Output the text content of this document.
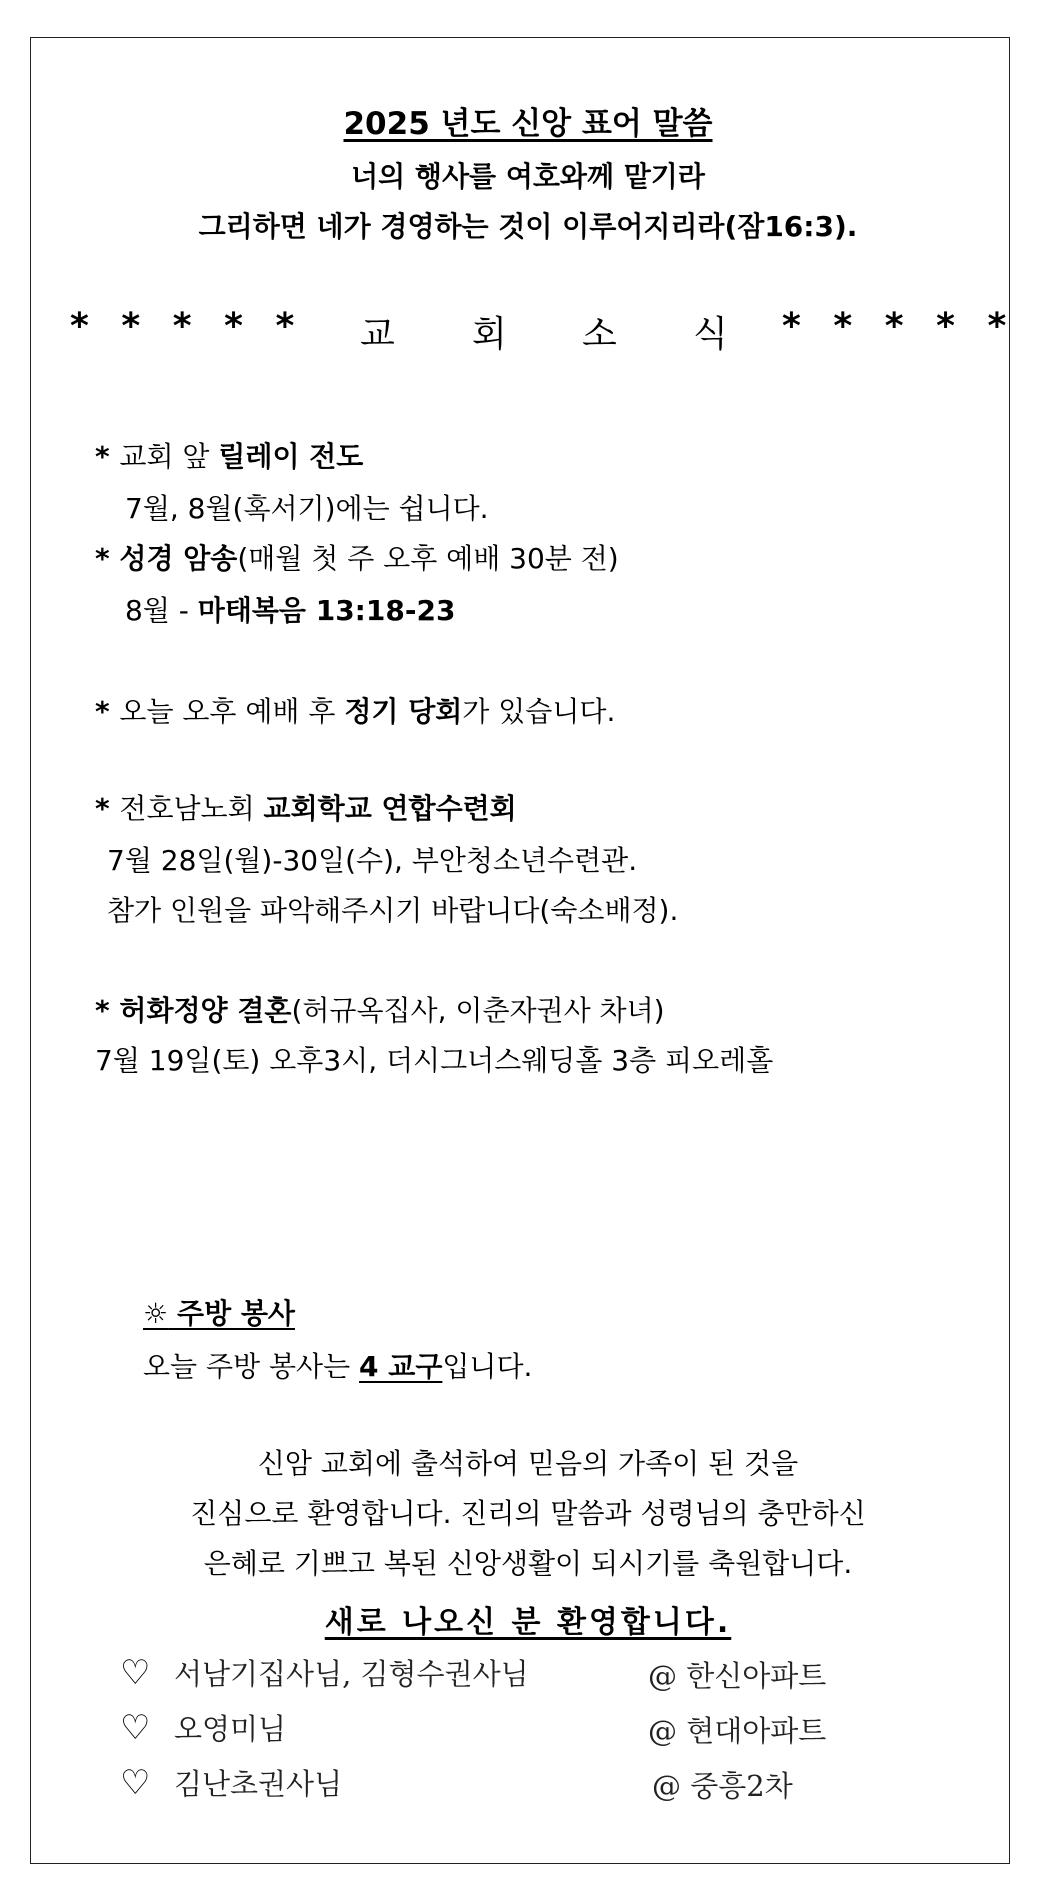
2025 년도 신앙 표어 말씀
너의 행사를 여호와께 맡기라
그리하면 네가 경영하는 것이 이루어지리라(잠16:3).
* * * * * 교 회 소 식 * * * * *
* 교회 앞 릴레이 전도
7월, 8월(혹서기)에는 쉽니다.
* 성경 암송(매월 첫 주 오후 예배 30분 전)
8월 - 마태복음 13:18-23
* 오늘 오후 예배 후 정기 당회가 있습니다.
* 전호남노회 교회학교 연합수련회
7월 28일(월)-30일(수), 부안청소년수련관.
참가 인원을 파악해주시기 바랍니다(숙소배정).
* 허화정양 결혼(허규옥집사, 이춘자권사 차녀)
7월 19일(토) 오후3시, 더시그너스웨딩홀 3층 피오레홀
☼ 주방 봉사
오늘 주방 봉사는 4 교구입니다.
신암 교회에 출석하여 믿음의 가족이 된 것을
진심으로 환영합니다. 진리의 말씀과 성령님의 충만하신
은혜로 기쁘고 복된 신앙생활이 되시기를 축원합니다.
새로 나오신 분 환영합니다.
♡ 서남기집사님, 김형수권사님	@ 한신아파트
♡ 오영미님	@ 현대아파트
♡ 김난초권사님	@ 중흥2차
